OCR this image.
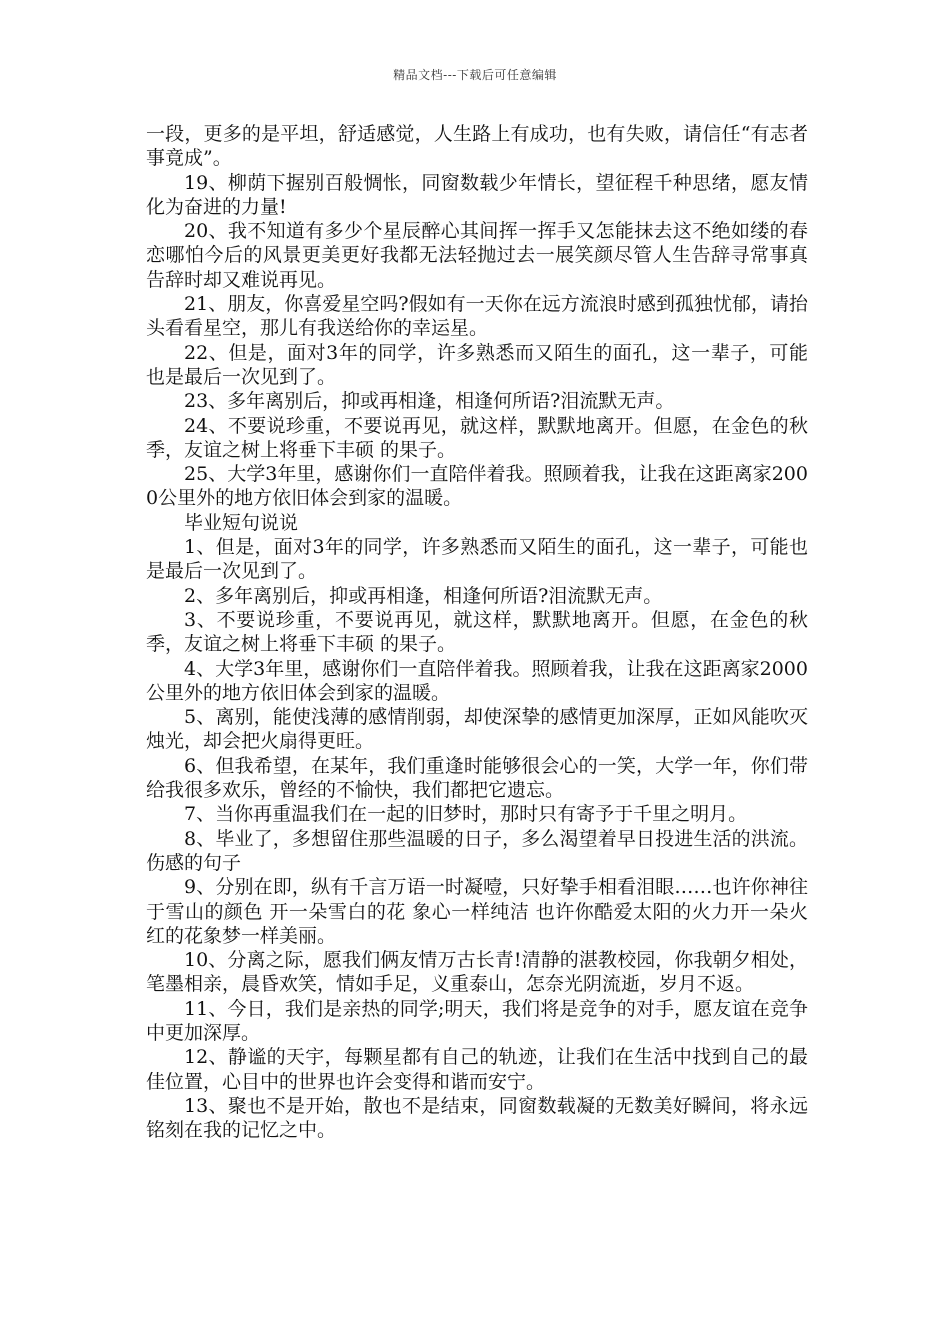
精品文档---下载后可任意编辑

一段，更多的是平坦，舒适感觉，人生路上有成功，也有失败，请信任“有志者事竟成”。

19、柳荫下握别百般惆怅，同窗数载少年情长，望征程千种思绪，愿友情化为奋进的力量!

20、我不知道有多少个星辰醉心其间挥一挥手又怎能抹去这不绝如缕的春恋哪怕今后的风景更美更好我都无法轻抛过去一展笑颜尽管人生告辞寻常事真告辞时却又难说再见。

21、朋友，你喜爱星空吗?假如有一天你在远方流浪时感到孤独忧郁，请抬头看看星空，那儿有我送给你的幸运星。

22、但是，面对3年的同学，许多熟悉而又陌生的面孔，这一辈子，可能也是最后一次见到了。

23、多年离别后，抑或再相逢，相逢何所语?泪流默无声。

24、不要说珍重，不要说再见，就这样，默默地离开。但愿，在金色的秋季，友谊之树上将垂下丰硕 的果子。

25、大学3年里，感谢你们一直陪伴着我。照顾着我，让我在这距离家2000公里外的地方依旧体会到家的温暖。

毕业短句说说

1、但是，面对3年的同学，许多熟悉而又陌生的面孔，这一辈子，可能也是最后一次见到了。

2、多年离别后，抑或再相逢，相逢何所语?泪流默无声。

3、不要说珍重，不要说再见，就这样，默默地离开。但愿，在金色的秋季，友谊之树上将垂下丰硕 的果子。

4、大学3年里，感谢你们一直陪伴着我。照顾着我，让我在这距离家2000公里外的地方依旧体会到家的温暖。

5、离别，能使浅薄的感情削弱，却使深挚的感情更加深厚，正如风能吹灭烛光，却会把火扇得更旺。

6、但我希望，在某年，我们重逢时能够很会心的一笑，大学一年，你们带给我很多欢乐，曾经的不愉快，我们都把它遗忘。

7、当你再重温我们在一起的旧梦时，那时只有寄予于千里之明月。

8、毕业了，多想留住那些温暖的日子，多么渴望着早日投进生活的洪流。伤感的句子

9、分别在即，纵有千言万语一时凝噎，只好挚手相看泪眼……也许你神往于雪山的颜色 开一朵雪白的花 象心一样纯洁 也许你酷爱太阳的火力开一朵火红的花象梦一样美丽。

10、分离之际，愿我们俩友情万古长青!清静的湛教校园，你我朝夕相处，笔墨相亲，晨昏欢笑，情如手足，义重泰山，怎奈光阴流逝，岁月不返。

11、今日，我们是亲热的同学;明天，我们将是竞争的对手，愿友谊在竞争中更加深厚。

12、静谧的天宇，每颗星都有自己的轨迹，让我们在生活中找到自己的最佳位置，心目中的世界也许会变得和谐而安宁。

13、聚也不是开始，散也不是结束，同窗数载凝的无数美好瞬间，将永远铭刻在我的记忆之中。
